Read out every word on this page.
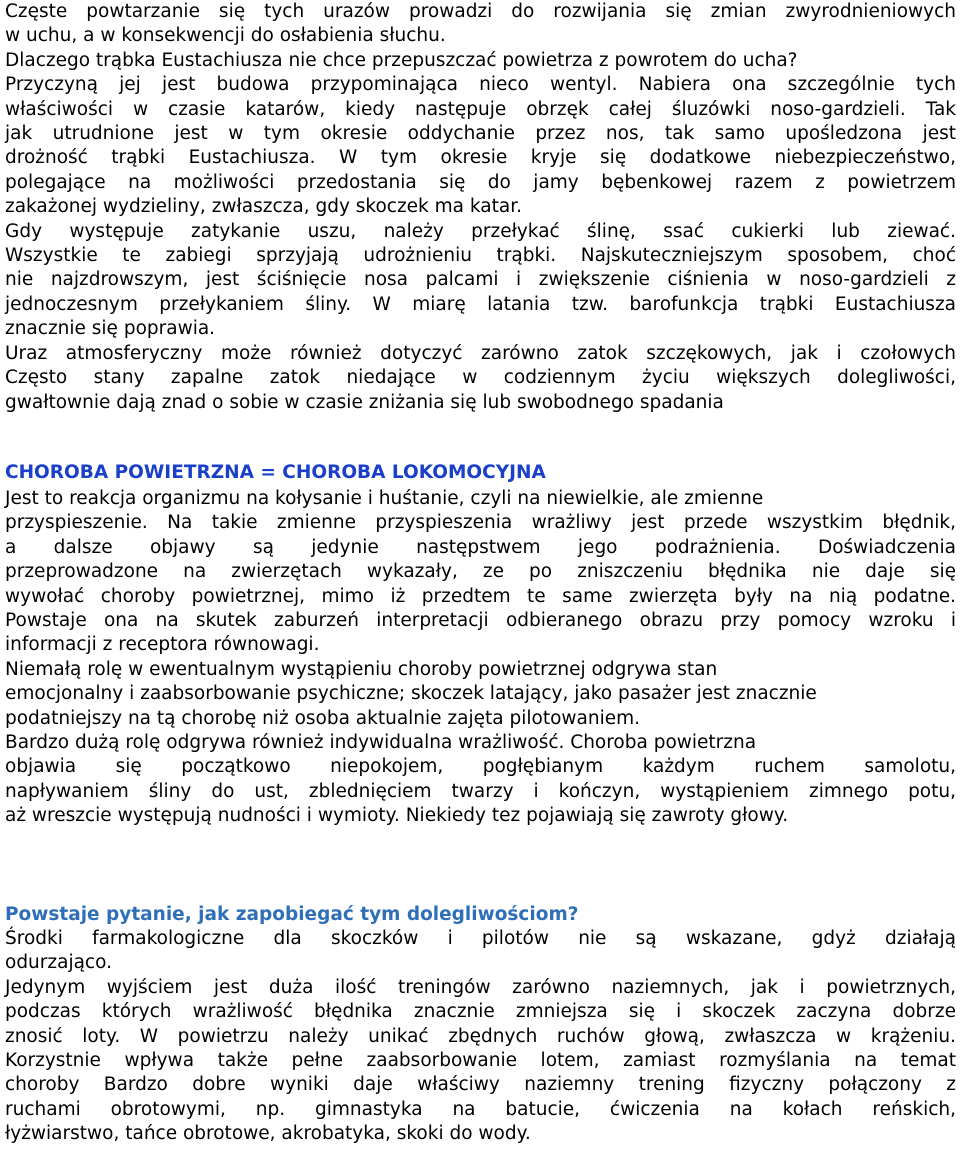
Częste powtarzanie się tych urazów prowadzi do rozwijania się zmian zwyrodnieniowych
w uchu, a w konsekwencji do osłabienia słuchu.
Dlaczego trąbka Eustachiusza nie chce przepuszczać powietrza z powrotem do ucha?
Przyczyną jej jest budowa przypominająca nieco wentyl. Nabiera ona szczególnie tych
właściwości w czasie katarów, kiedy następuje obrzęk całej śluzówki noso-gardzieli. Tak
jak utrudnione jest w tym okresie oddychanie przez nos, tak samo upośledzona jest
drożność trąbki Eustachiusza. W tym okresie kryje się dodatkowe niebezpieczeństwo,
polegające na możliwości przedostania się do jamy bębenkowej razem z powietrzem
zakażonej wydzieliny, zwłaszcza, gdy skoczek ma katar.
Gdy występuje zatykanie uszu, należy przełykać ślinę, ssać cukierki lub ziewać.
Wszystkie te zabiegi sprzyjają udrożnieniu trąbki. Najskuteczniejszym sposobem, choć
nie najzdrowszym, jest ściśnięcie nosa palcami i zwiększenie ciśnienia w noso-gardzieli z
jednoczesnym przełykaniem śliny. W miarę latania tzw. barofunkcja trąbki Eustachiusza
znacznie się poprawia.
Uraz atmosferyczny może również dotyczyć zarówno zatok szczękowych, jak i czołowych
Często stany zapalne zatok niedające w codziennym życiu większych dolegliwości,
gwałtownie dają znad o sobie w czasie zniżania się lub swobodnego spadania
CHOROBA POWIETRZNA = CHOROBA LOKOMOCYJNA
Jest to reakcja organizmu na kołysanie i huśtanie, czyli na niewielkie, ale zmienne
przyspieszenie. Na takie zmienne przyspieszenia wrażliwy jest przede wszystkim błędnik,
a dalsze objawy są jedynie następstwem jego podrażnienia. Doświadczenia
przeprowadzone na zwierzętach wykazały, ze po zniszczeniu błędnika nie daje się
wywołać choroby powietrznej, mimo iż przedtem te same zwierzęta były na nią podatne.
Powstaje ona na skutek zaburzeń interpretacji odbieranego obrazu przy pomocy wzroku i
informacji z receptora równowagi.
Niemałą rolę w ewentualnym wystąpieniu choroby powietrznej odgrywa stan
emocjonalny i zaabsorbowanie psychiczne; skoczek latający, jako pasażer jest znacznie
podatniejszy na tą chorobę niż osoba aktualnie zajęta pilotowaniem.
Bardzo dużą rolę odgrywa również indywidualna wrażliwość. Choroba powietrzna
objawia się początkowo niepokojem, pogłębianym każdym ruchem samolotu,
napływaniem śliny do ust, zblednięciem twarzy i kończyn, wystąpieniem zimnego potu,
aż wreszcie występują nudności i wymioty. Niekiedy tez pojawiają się zawroty głowy.
Powstaje pytanie, jak zapobiegać tym dolegliwościom?
Środki farmakologiczne dla skoczków i pilotów nie są wskazane, gdyż działają
odurzająco.
Jedynym wyjściem jest duża ilość treningów zarówno naziemnych, jak i powietrznych,
podczas których wrażliwość błędnika znacznie zmniejsza się i skoczek zaczyna dobrze
znosić loty. W powietrzu należy unikać zbędnych ruchów głową, zwłaszcza w krążeniu.
Korzystnie wpływa także pełne zaabsorbowanie lotem, zamiast rozmyślania na temat
choroby Bardzo dobre wyniki daje właściwy naziemny trening fizyczny połączony z
ruchami obrotowymi, np. gimnastyka na batucie, ćwiczenia na kołach reńskich,
łyżwiarstwo, tańce obrotowe, akrobatyka, skoki do wody.
